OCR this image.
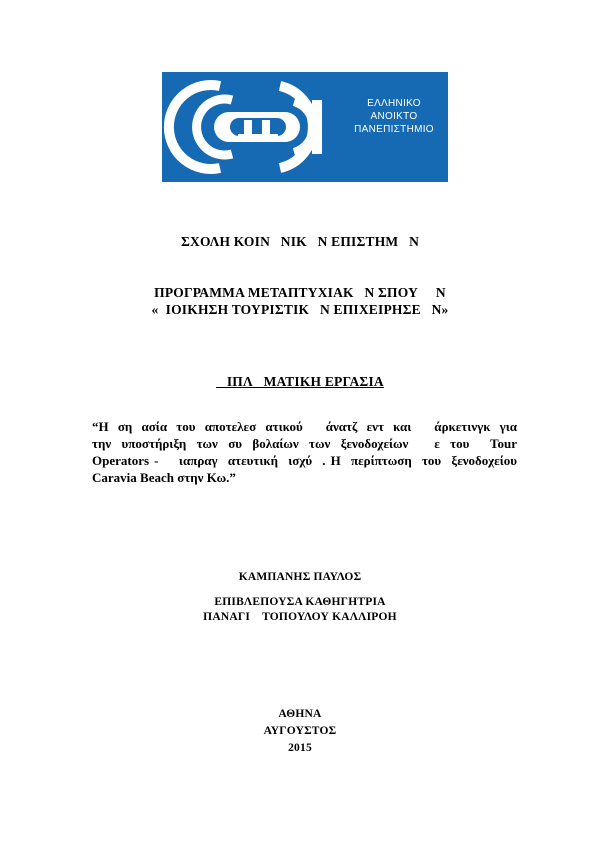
ΕΛΛΗΝΙΚΟ
ΑΝΟΙΚΤΟ
ΠΑΝΕΠΙΣΤΗΜΙΟ
ΣΧΟΛΗ ΚΟΙΝ   ΝΙΚ   Ν ΕΠΙΣΤΗΜ   Ν
ΠΡΟΓΡΑΜΜΑ ΜΕΤΑΠΤΥΧΙΑΚ   Ν ΣΠΟΥ     Ν
«  ΙΟΙΚΗΣΗ ΤΟΥΡΙΣΤΙΚ   Ν ΕΠΙΧΕΙΡΗΣΕ   Ν»
ΙΠΛ   ΜΑΤΙΚΗ ΕΡΓΑΣΙΑ
“Η  ση  ασία  του  αποτελεσ  ατικού     άνατζ  εντ  και     άρκετινγκ  για
την  υποστήριξη  των  συ  βολαίων  των  ξενοδοχείων     ε  του    Tour
Operators -    ιαπραγ  ατευτική  ισχύ  . Η  περίπτωση  του  ξενοδοχείου
Caravia Beach στην Κω.”
ΚΑΜΠΑΝΗΣ ΠΑΥΛΟΣ
ΕΠΙΒΛΕΠΟΥΣΑ ΚΑΘΗΓΗΤΡΙΑ
ΠΑΝΑΓΙ    ΤΟΠΟΥΛΟΥ ΚΑΛΛΙΡΟΗ
ΑΘΗΝΑ
ΑΥΓΟΥΣΤΟΣ
2015
